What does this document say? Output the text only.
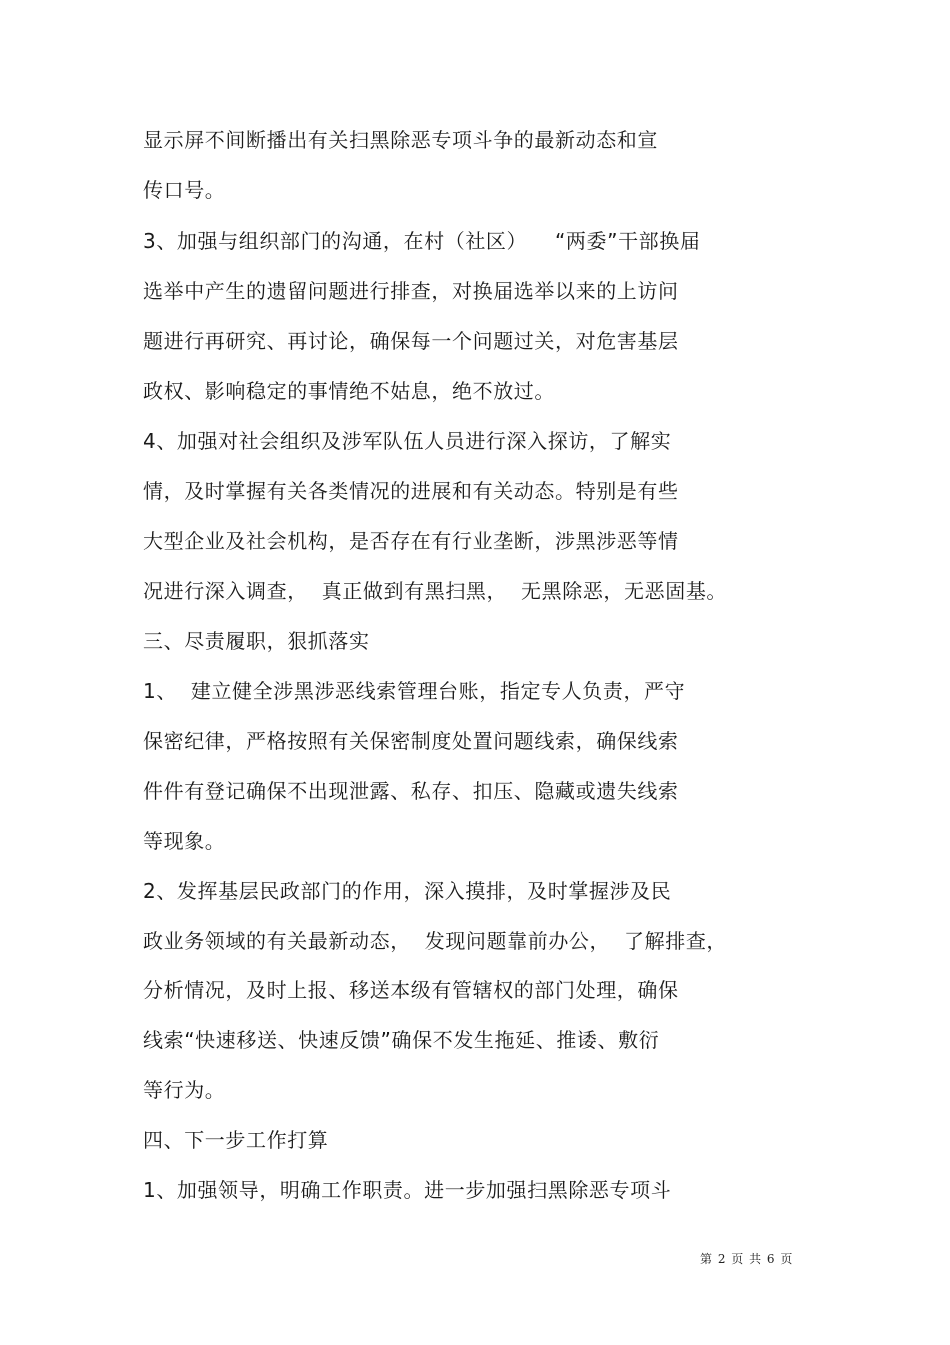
显示屏不间断播出有关扫黑除恶专项斗争的最新动态和宣
传口号。
3、加强与组织部门的沟通，在村（社区）    “两委”干部换届
选举中产生的遗留问题进行排查，对换届选举以来的上访问
题进行再研究、再讨论，确保每一个问题过关，对危害基层
政权、影响稳定的事情绝不姑息，绝不放过。
4、加强对社会组织及涉军队伍人员进行深入探访，了解实
情，及时掌握有关各类情况的进展和有关动态。特别是有些
大型企业及社会机构，是否存在有行业垄断，涉黑涉恶等情
况进行深入调查，  真正做到有黑扫黑，  无黑除恶，无恶固基。
三、尽责履职，狠抓落实
1、  建立健全涉黑涉恶线索管理台账，指定专人负责，严守
保密纪律，严格按照有关保密制度处置问题线索，确保线索
件件有登记确保不出现泄露、私存、扣压、隐藏或遗失线索
等现象。
2、发挥基层民政部门的作用，深入摸排，及时掌握涉及民
政业务领域的有关最新动态，  发现问题靠前办公，  了解排查，
分析情况，及时上报、移送本级有管辖权的部门处理，确保
线索“快速移送、快速反馈”确保不发生拖延、推诿、敷衍
等行为。
四、下一步工作打算
1、加强领导，明确工作职责。进一步加强扫黑除恶专项斗
第 2 页 共 6 页
